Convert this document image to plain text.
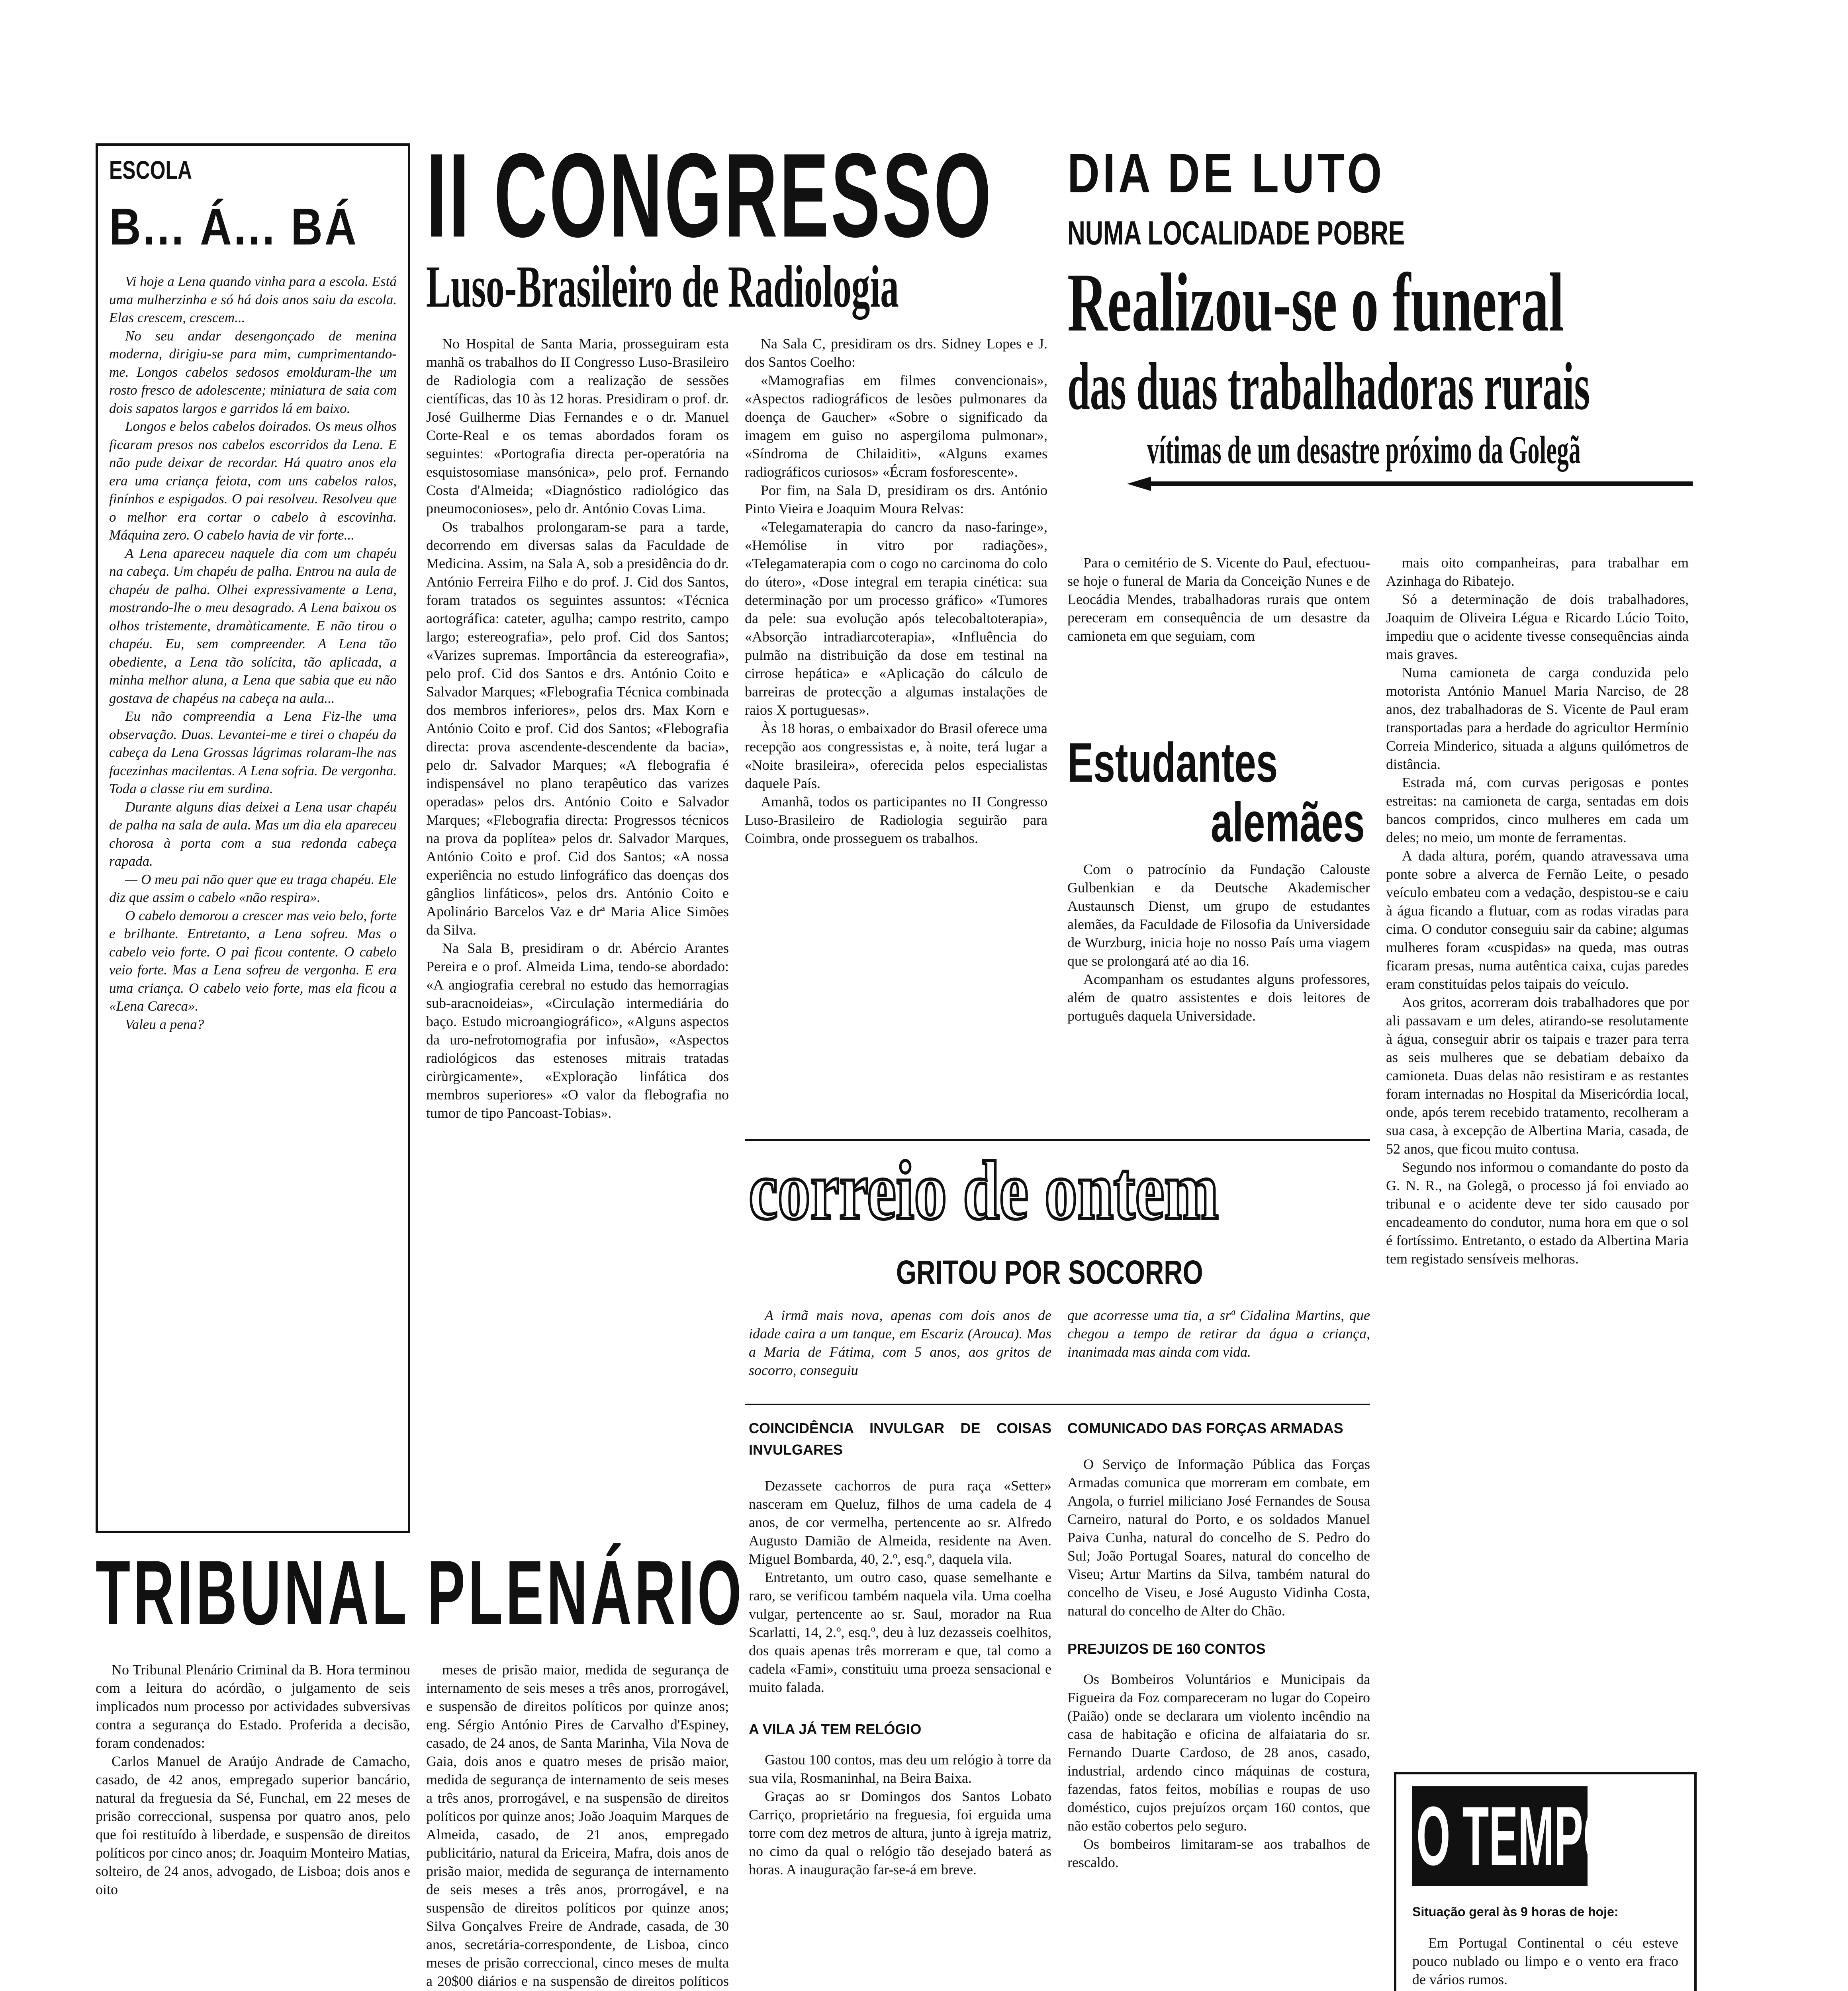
ESCOLA
B... Á... BÁ

Vi hoje a Lena quando vinha para a escola. Está uma mulherzinha e só há dois anos saiu da escola. Elas crescem, crescem...

No seu andar desengonçado de menina moderna, dirigiu-se para mim, cumprimentando-me. Longos cabelos sedosos emolduram-lhe um rosto fresco de adolescente; miniatura de saia com dois sapatos largos e garridos lá em baixo.

Longos e belos cabelos doirados. Os meus olhos ficaram presos nos cabelos escorridos da Lena. E não pude deixar de recordar. Há quatro anos ela era uma criança feiota, com uns cabelos ralos, finínhos e espigados. O pai resolveu. Resolveu que o melhor era cortar o cabelo à escovinha. Máquina zero. O cabelo havia de vir forte...

A Lena apareceu naquele dia com um chapéu na cabeça. Um chapéu de palha. Entrou na aula de chapéu de palha. Olhei expressivamente a Lena, mostrando-lhe o meu desagrado. A Lena baixou os olhos tristemente, dramàticamente. E não tirou o chapéu. Eu, sem compreender. A Lena tão obediente, a Lena tão solícita, tão aplicada, a minha melhor aluna, a Lena que sabia que eu não gostava de chapéus na cabeça na aula...

Eu não compreendia a Lena Fiz-lhe uma observação. Duas. Levantei-me e tirei o chapéu da cabeça da Lena Grossas lágrimas rolaram-lhe nas facezinhas macilentas. A Lena sofria. De vergonha. Toda a classe riu em surdina.

Durante alguns dias deixei a Lena usar chapéu de palha na sala de aula. Mas um dia ela apareceu chorosa à porta com a sua redonda cabeça rapada.

— O meu pai não quer que eu traga chapéu. Ele diz que assim o cabelo «não respira».

O cabelo demorou a crescer mas veio belo, forte e brilhante. Entretanto, a Lena sofreu. Mas o cabelo veio forte. O pai ficou contente. O cabelo veio forte. Mas a Lena sofreu de vergonha. E era uma criança. O cabelo veio forte, mas ela ficou a «Lena Careca».

Valeu a pena?

II CONGRESSO
Luso-Brasileiro de Radiologia

No Hospital de Santa Maria, prosseguiram esta manhã os trabalhos do II Congresso Luso-Brasileiro de Radiologia com a realização de sessões científicas, das 10 às 12 horas. Presidiram o prof. dr. José Guilherme Dias Fernandes e o dr. Manuel Corte-Real e os temas abordados foram os seguintes: «Portografia directa per-operatória na esquistosomiase mansónica», pelo prof. Fernando Costa d'Almeida; «Diagnóstico radiológico das pneumoconioses», pelo dr. António Covas Lima.

Os trabalhos prolongaram-se para a tarde, decorrendo em diversas salas da Faculdade de Medicina. Assim, na Sala A, sob a presidência do dr. António Ferreira Filho e do prof. J. Cid dos Santos, foram tratados os seguintes assuntos: «Técnica aortográfica: cateter, agulha; campo restrito, campo largo; estereografia», pelo prof. Cid dos Santos; «Varizes supremas. Importância da estereografia», pelo prof. Cid dos Santos e drs. António Coito e Salvador Marques; «Flebografia Técnica combinada dos membros inferiores», pelos drs. Max Korn e António Coito e prof. Cid dos Santos; «Flebografia directa: prova ascendente-descendente da bacia», pelo dr. Salvador Marques; «A flebografia é indispensável no plano terapêutico das varizes operadas» pelos drs. António Coito e Salvador Marques; «Flebografia directa: Progressos técnicos na prova da poplítea» pelos dr. Salvador Marques, António Coito e prof. Cid dos Santos; «A nossa experiência no estudo linfográfico das doenças dos gânglios linfáticos», pelos drs. António Coito e Apolinário Barcelos Vaz e drª Maria Alice Simões da Silva.

Na Sala B, presidiram o dr. Abércio Arantes Pereira e o prof. Almeida Lima, tendo-se abordado: «A angiografia cerebral no estudo das hemorragias sub-aracnoideias», «Circulação intermediária do baço. Estudo microangiográfico», «Alguns aspectos da uro-nefrotomografia por infusão», «Aspectos radiológicos das estenoses mitrais tratadas cirùrgicamente», «Exploração linfática dos membros superiores» «O valor da flebografia no tumor de tipo Pancoast-Tobias».

Na Sala C, presidiram os drs. Sidney Lopes e J. dos Santos Coelho:

«Mamografias em filmes convencionais», «Aspectos radiográficos de lesões pulmonares da doença de Gaucher» «Sobre o significado da imagem em guiso no aspergiloma pulmonar», «Síndroma de Chilaiditi», «Alguns exames radiográficos curiosos» «Écram fosforescente».

Por fim, na Sala D, presidiram os drs. António Pinto Vieira e Joaquim Moura Relvas:

«Telegamaterapia do cancro da naso-faringe», «Hemólise in vitro por radiações», «Telegamaterapia com o cogo no carcinoma do colo do útero», «Dose integral em terapia cinética: sua determinação por um processo gráfico» «Tumores da pele: sua evolução após telecobaltoterapia», «Absorção intradiarcoterapia», «Influência do pulmão na distribuição da dose em testinal na cirrose hepática» e «Aplicação do cálculo de barreiras de protecção a algumas instalações de raios X portuguesas».

Às 18 horas, o embaixador do Brasil oferece uma recepção aos congressistas e, à noite, terá lugar a «Noite brasileira», oferecida pelos especialistas daquele País.

Amanhã, todos os participantes no II Congresso Luso-Brasileiro de Radiologia seguirão para Coimbra, onde prosseguem os trabalhos.

DIA DE LUTO
NUMA LOCALIDADE POBRE
Realizou-se o funeral
das duas trabalhadoras rurais
vítimas de um desastre próximo da Golegã

Para o cemitério de S. Vicente do Paul, efectuou-se hoje o funeral de Maria da Conceição Nunes e de Leocádia Mendes, trabalhadoras rurais que ontem pereceram em consequência de um desastre da camioneta em que seguiam, com

mais oito companheiras, para trabalhar em Azinhaga do Ribatejo.

Só a determinação de dois trabalhadores, Joaquim de Oliveira Légua e Ricardo Lúcio Toito, impediu que o acidente tivesse consequências ainda mais graves.

Numa camioneta de carga conduzida pelo motorista António Manuel Maria Narciso, de 28 anos, dez trabalhadoras de S. Vicente de Paul eram transportadas para a herdade do agricultor Hermínio Correia Minderico, situada a alguns quilómetros de distância.

Estrada má, com curvas perigosas e pontes estreitas: na camioneta de carga, sentadas em dois bancos compridos, cinco mulheres em cada um deles; no meio, um monte de ferramentas.

A dada altura, porém, quando atravessava uma ponte sobre a alverca de Fernão Leite, o pesado veículo embateu com a vedação, despistou-se e caiu à água ficando a flutuar, com as rodas viradas para cima. O condutor conseguiu sair da cabine; algumas mulheres foram «cuspidas» na queda, mas outras ficaram presas, numa autêntica caixa, cujas paredes eram constituídas pelos taipais do veículo.

Aos gritos, acorreram dois trabalhadores que por ali passavam e um deles, atirando-se resolutamente à água, conseguir abrir os taipais e trazer para terra as seis mulheres que se debatiam debaixo da camioneta. Duas delas não resistiram e as restantes foram internadas no Hospital da Misericórdia local, onde, após terem recebido tratamento, recolheram a sua casa, à excepção de Albertina Maria, casada, de 52 anos, que ficou muito contusa.

Segundo nos informou o comandante do posto da G. N. R., na Golegã, o processo já foi enviado ao tribunal e o acidente deve ter sido causado por encadeamento do condutor, numa hora em que o sol é fortíssimo. Entretanto, o estado da Albertina Maria tem registado sensíveis melhoras.

Estudantes
alemães

Com o patrocínio da Fundação Calouste Gulbenkian e da Deutsche Akademischer Austaunsch Dienst, um grupo de estudantes alemães, da Faculdade de Filosofia da Universidade de Wurzburg, inicia hoje no nosso País uma viagem que se prolongará até ao dia 16.

Acompanham os estudantes alguns professores, além de quatro assistentes e dois leitores de português daquela Universidade.

correio de ontem
GRITOU POR SOCORRO
A irmã mais nova, apenas com dois anos de idade caira a um tanque, em Escariz (Arouca). Mas a Maria de Fátima, com 5 anos, aos gritos de socorro, conseguiu
que acorresse uma tia, a srª Cidalina Martins, que chegou a tempo de retirar da água a criança, inanimada mas ainda com vida.
COINCIDÊNCIA INVULGAR DE COISAS INVULGARES

Dezassete cachorros de pura raça «Setter» nasceram em Queluz, filhos de uma cadela de 4 anos, de cor vermelha, pertencente ao sr. Alfredo Augusto Damião de Almeida, residente na Aven. Miguel Bombarda, 40, 2.º, esq.º, daquela vila.

Entretanto, um outro caso, quase semelhante e raro, se verificou também naquela vila. Uma coelha vulgar, pertencente ao sr. Saul, morador na Rua Scarlatti, 14, 2.º, esq.º, deu à luz dezasseis coelhitos, dos quais apenas três morreram e que, tal como a cadela «Fami», constituiu uma proeza sensacional e muito falada.

A VILA JÁ TEM RELÓGIO

Gastou 100 contos, mas deu um relógio à torre da sua vila, Rosmaninhal, na Beira Baixa.

Graças ao sr Domingos dos Santos Lobato Carriço, proprietário na freguesia, foi erguida uma torre com dez metros de altura, junto à igreja matriz, no cimo da qual o relógio tão desejado baterá as horas. A inauguração far-se-á em breve.

COMUNICADO DAS FORÇAS ARMADAS

O Serviço de Informação Pública das Forças Armadas comunica que morreram em combate, em Angola, o furriel miliciano José Fernandes de Sousa Carneiro, natural do Porto, e os soldados Manuel Paiva Cunha, natural do concelho de S. Pedro do Sul; João Portugal Soares, natural do concelho de Viseu; Artur Martins da Silva, também natural do concelho de Viseu, e José Augusto Vidinha Costa, natural do concelho de Alter do Chão.

PREJUIZOS DE 160 CONTOS

Os Bombeiros Voluntários e Municipais da Figueira da Foz compareceram no lugar do Copeiro (Paião) onde se declarara um violento incêndio na casa de habitação e oficina de alfaiataria do sr. Fernando Duarte Cardoso, de 28 anos, casado, industrial, ardendo cinco máquinas de costura, fazendas, fatos feitos, mobílias e roupas de uso doméstico, cujos prejuízos orçam 160 contos, que não estão cobertos pelo seguro.

Os bombeiros limitaram-se aos trabalhos de rescaldo.

TRIBUNAL PLENÁRIO

No Tribunal Plenário Criminal da B. Hora terminou com a leitura do acórdão, o julgamento de seis implicados num processo por actividades subversivas contra a segurança do Estado. Proferida a decisão, foram condenados:

Carlos Manuel de Araújo Andrade de Camacho, casado, de 42 anos, empregado superior bancário, natural da freguesia da Sé, Funchal, em 22 meses de prisão correccional, suspensa por quatro anos, pelo que foi restituído à liberdade, e suspensão de direitos políticos por cinco anos; dr. Joaquim Monteiro Matias, solteiro, de 24 anos, advogado, de Lisboa; dois anos e oito

meses de prisão maior, medida de segurança de internamento de seis meses a três anos, prorrogável, e suspensão de direitos políticos por quinze anos; eng. Sérgio António Pires de Carvalho d'Espiney, casado, de 24 anos, de Santa Marinha, Vila Nova de Gaia, dois anos e quatro meses de prisão maior, medida de segurança de internamento de seis meses a três anos, prorrogável, e na suspensão de direitos políticos por quinze anos; João Joaquim Marques de Almeida, casado, de 21 anos, empregado publicitário, natural da Ericeira, Mafra, dois anos de prisão maior, medida de segurança de internamento de seis meses a três anos, prorrogável, e na suspensão de direitos políticos por quinze anos; Silva Gonçalves Freire de Andrade, casada, de 30 anos, secretária-correspondente, de Lisboa, cinco meses de prisão correccional, cinco meses de multa a 20$00 diários e na suspensão de direitos políticos

O TEMPO
Situação geral às 9 horas de hoje:
Em Portugal Continental o céu esteve pouco nublado ou limpo e o vento era fraco de vários rumos.
